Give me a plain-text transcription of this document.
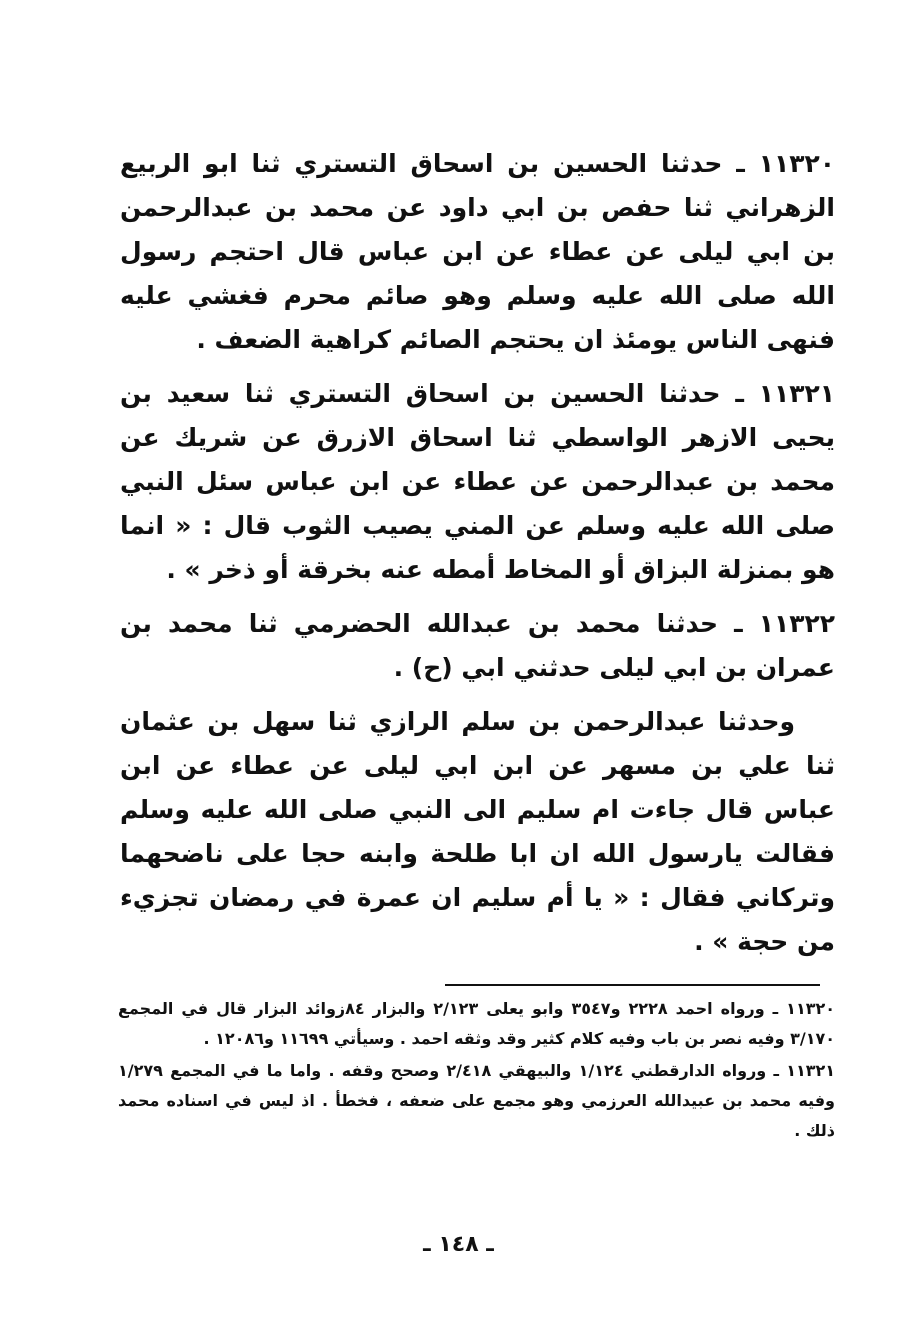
١١٣٢٠ ـ حدثنا الحسين بن اسحاق التستري ثنا ابو الربيع الزهراني ثنا حفص بن ابي داود عن محمد بن عبدالرحمن بن ابي ليلى عن عطاء عن ابن عباس قال احتجم رسول الله صلى الله عليه وسلم وهو صائم محرم فغشي عليه فنهى الناس يومئذ ان يحتجم الصائم كراهية الضعف .

١١٣٢١ ـ حدثنا الحسين بن اسحاق التستري ثنا سعيد بن يحيى الازهر الواسطي ثنا اسحاق الازرق عن شريك عن محمد بن عبدالرحمن عن عطاء عن ابن عباس سئل النبي صلى الله عليه وسلم عن المني يصيب الثوب قال : « انما هو بمنزلة البزاق أو المخاط أمطه عنه بخرقة أو ذخر » .

١١٣٢٢ ـ حدثنا محمد بن عبدالله الحضرمي ثنا محمد بن عمران بن ابي ليلى حدثني ابي (ح) .

وحدثنا عبدالرحمن بن سلم الرازي ثنا سهل بن عثمان ثنا علي بن مسهر عن ابن ابي ليلى عن عطاء عن ابن عباس قال جاءت ام سليم الى النبي صلى الله عليه وسلم فقالت يارسول الله ان ابا طلحة وابنه حجا على ناضحهما وتركاني فقال : « يا أم سليم ان عمرة في رمضان تجزيء من حجة » .

١١٣٢٠ ـ ورواه احمد ٢٢٢٨ و٣٥٤٧ وابو يعلى ٢/١٢٣ والبزار ٨٤زوائد البزار قال في المجمع ٣/١٧٠ وفيه نصر بن باب وفيه كلام كثير وقد وثقه احمد . وسيأتي ١١٦٩٩ و١٢٠٨٦ .

١١٣٢١ ـ ورواه الدارقطني ١/١٢٤ والبيهقي ٢/٤١٨ وصحح وقفه . واما ما في المجمع ١/٢٧٩ وفيه محمد بن عبيدالله العرزمي وهو مجمع على ضعفه ، فخطأ . اذ ليس في اسناده محمد ذلك .

ـ ١٤٨ ـ
